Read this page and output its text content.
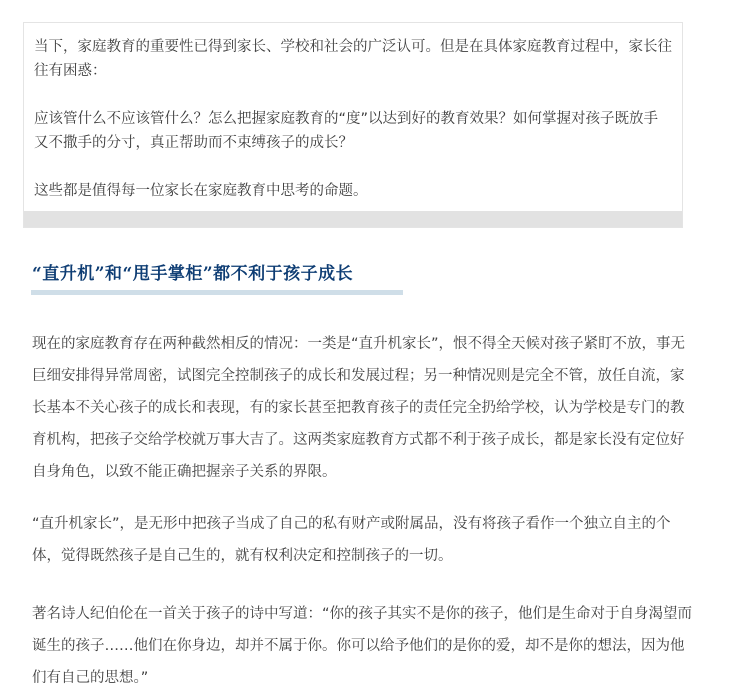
当下，家庭教育的重要性已得到家长、学校和社会的广泛认可。但是在具体家庭教育过程中，家长往往有困惑：

应该管什么不应该管什么？怎么把握家庭教育的“度”以达到好的教育效果？如何掌握对孩子既放手又不撒手的分寸，真正帮助而不束缚孩子的成长？

这些都是值得每一位家长在家庭教育中思考的命题。

“直升机”和“甩手掌柜”都不利于孩子成长

现在的家庭教育存在两种截然相反的情况：一类是“直升机家长”，恨不得全天候对孩子紧盯不放，事无巨细安排得异常周密，试图完全控制孩子的成长和发展过程；另一种情况则是完全不管，放任自流，家长基本不关心孩子的成长和表现，有的家长甚至把教育孩子的责任完全扔给学校，认为学校是专门的教育机构，把孩子交给学校就万事大吉了。这两类家庭教育方式都不利于孩子成长，都是家长没有定位好自身角色，以致不能正确把握亲子关系的界限。

“直升机家长”，是无形中把孩子当成了自己的私有财产或附属品，没有将孩子看作一个独立自主的个体，觉得既然孩子是自己生的，就有权利决定和控制孩子的一切。

著名诗人纪伯伦在一首关于孩子的诗中写道：“你的孩子其实不是你的孩子，他们是生命对于自身渴望而诞生的孩子……他们在你身边，却并不属于你。你可以给予他们的是你的爱，却不是你的想法，因为他们有自己的思想。”
